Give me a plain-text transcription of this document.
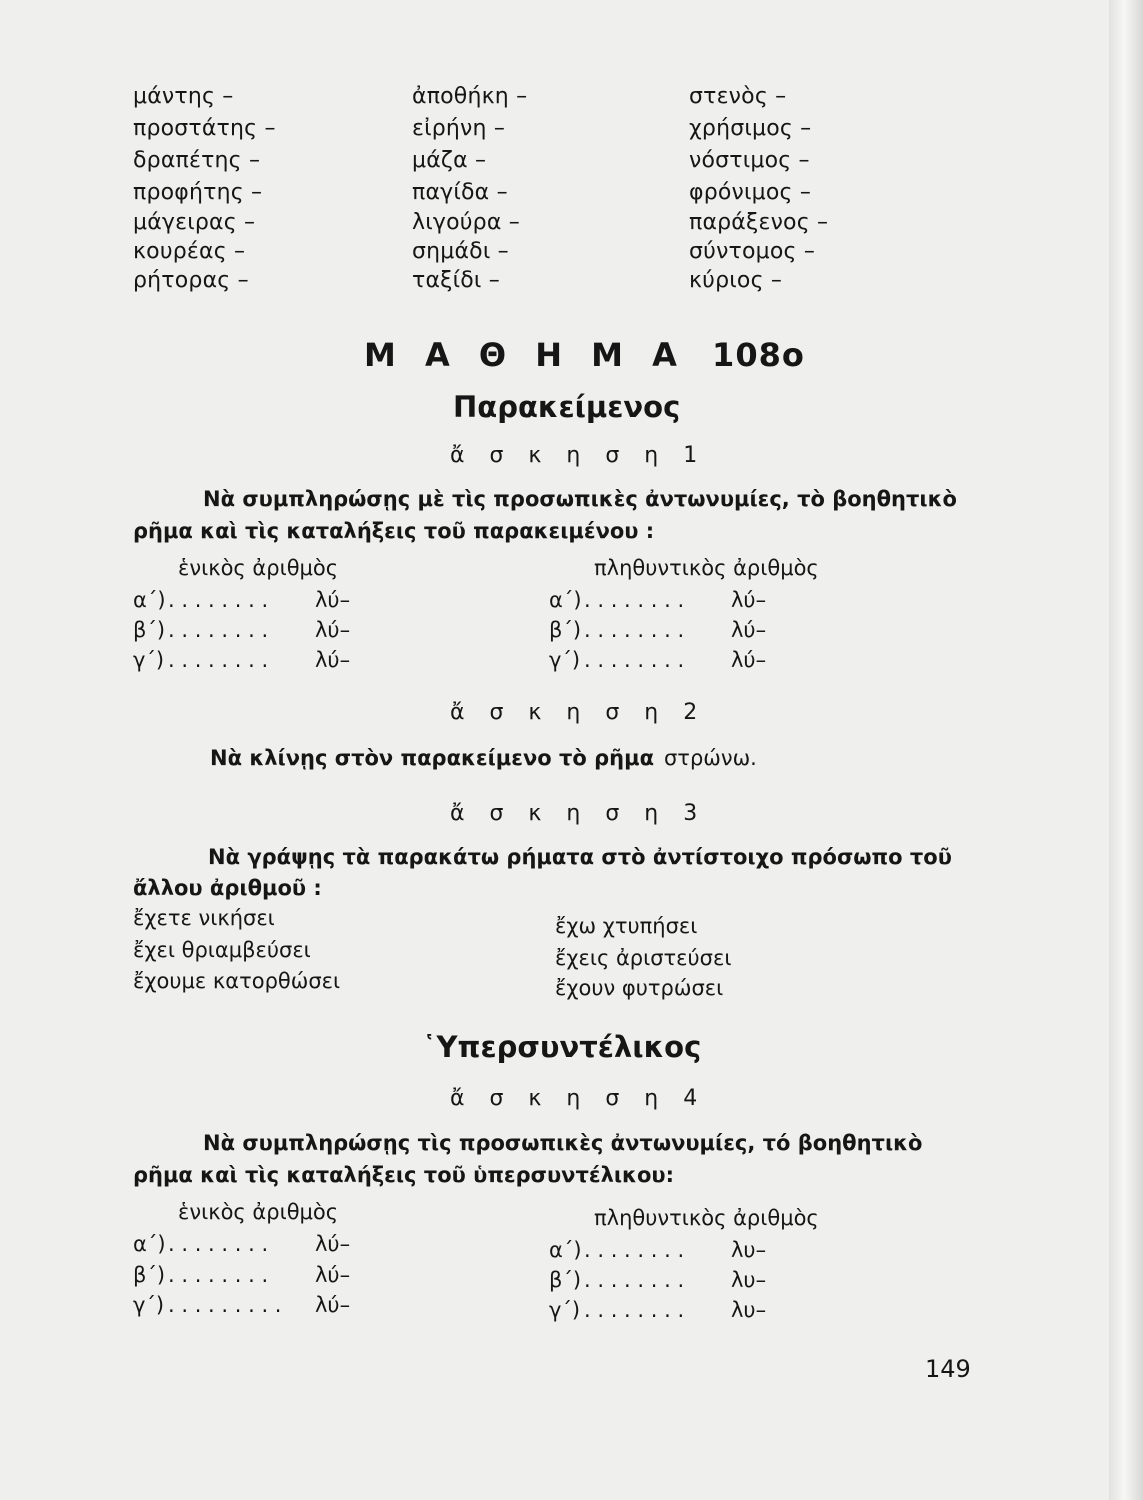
μάντης –
προστάτης –
δραπέτης –
προφήτης –
μάγειρας –
κουρέας –
ρήτορας –
ἀποθήκη –
εἰρήνη –
μάζα –
παγίδα –
λιγούρα –
σημάδι –
ταξίδι –
στενὸς –
χρήσιμος –
νόστιμος –
φρόνιμος –
παράξενος –
σύντομος –
κύριος –
Μ Α Θ Η Μ Α 108ο
Παρακείμενος
ἄ σ κ η σ η 1
Νὰ συμπληρώσῃς μὲ τὶς προσωπικὲς ἀντωνυμίες, τὸ βοηθητικὸ
ρῆμα καὶ τὶς καταλήξεις τοῦ παρακειμένου :
ἑνικὸς ἀριθμὸς	πληθυντικὸς ἀριθμὸς
α΄) . . . . . . . . λύ–
β΄) . . . . . . . . λύ–
γ΄) . . . . . . . . λύ–
α΄) . . . . . . . . λύ–
β΄) . . . . . . . . λύ–
γ΄) . . . . . . . . λύ–
ἄ σ κ η σ η 2
Νὰ κλίνῃς στὸν παρακείμενο τὸ ρῆμα στρώνω.
ἄ σ κ η σ η 3
Νὰ γράψῃς τὰ παρακάτω ρήματα στὸ ἀντίστοιχο πρόσωπο τοῦ
ἄλλου ἀριθμοῦ :
ἔχετε νικήσει
ἔχει θριαμβεύσει
ἔχουμε κατορθώσει
ἔχω χτυπήσει
ἔχεις ἀριστεύσει
ἔχουν φυτρώσει
῾Υπερσυντέλικος
ἄ σ κ η σ η 4
Νὰ συμπληρώσῃς τὶς προσωπικὲς ἀντωνυμίες, τό βοηθητικὸ
ρῆμα καὶ τὶς καταλήξεις τοῦ ὑπερσυντέλικου:
ἑνικὸς ἀριθμὸς	πληθυντικὸς ἀριθμὸς
α΄) . . . . . . . . λύ–
β΄) . . . . . . . . λύ–
γ΄) . . . . . . . . . λύ–
α΄) . . . . . . . . λυ–
β΄) . . . . . . . . λυ–
γ΄) . . . . . . . . λυ–
149
